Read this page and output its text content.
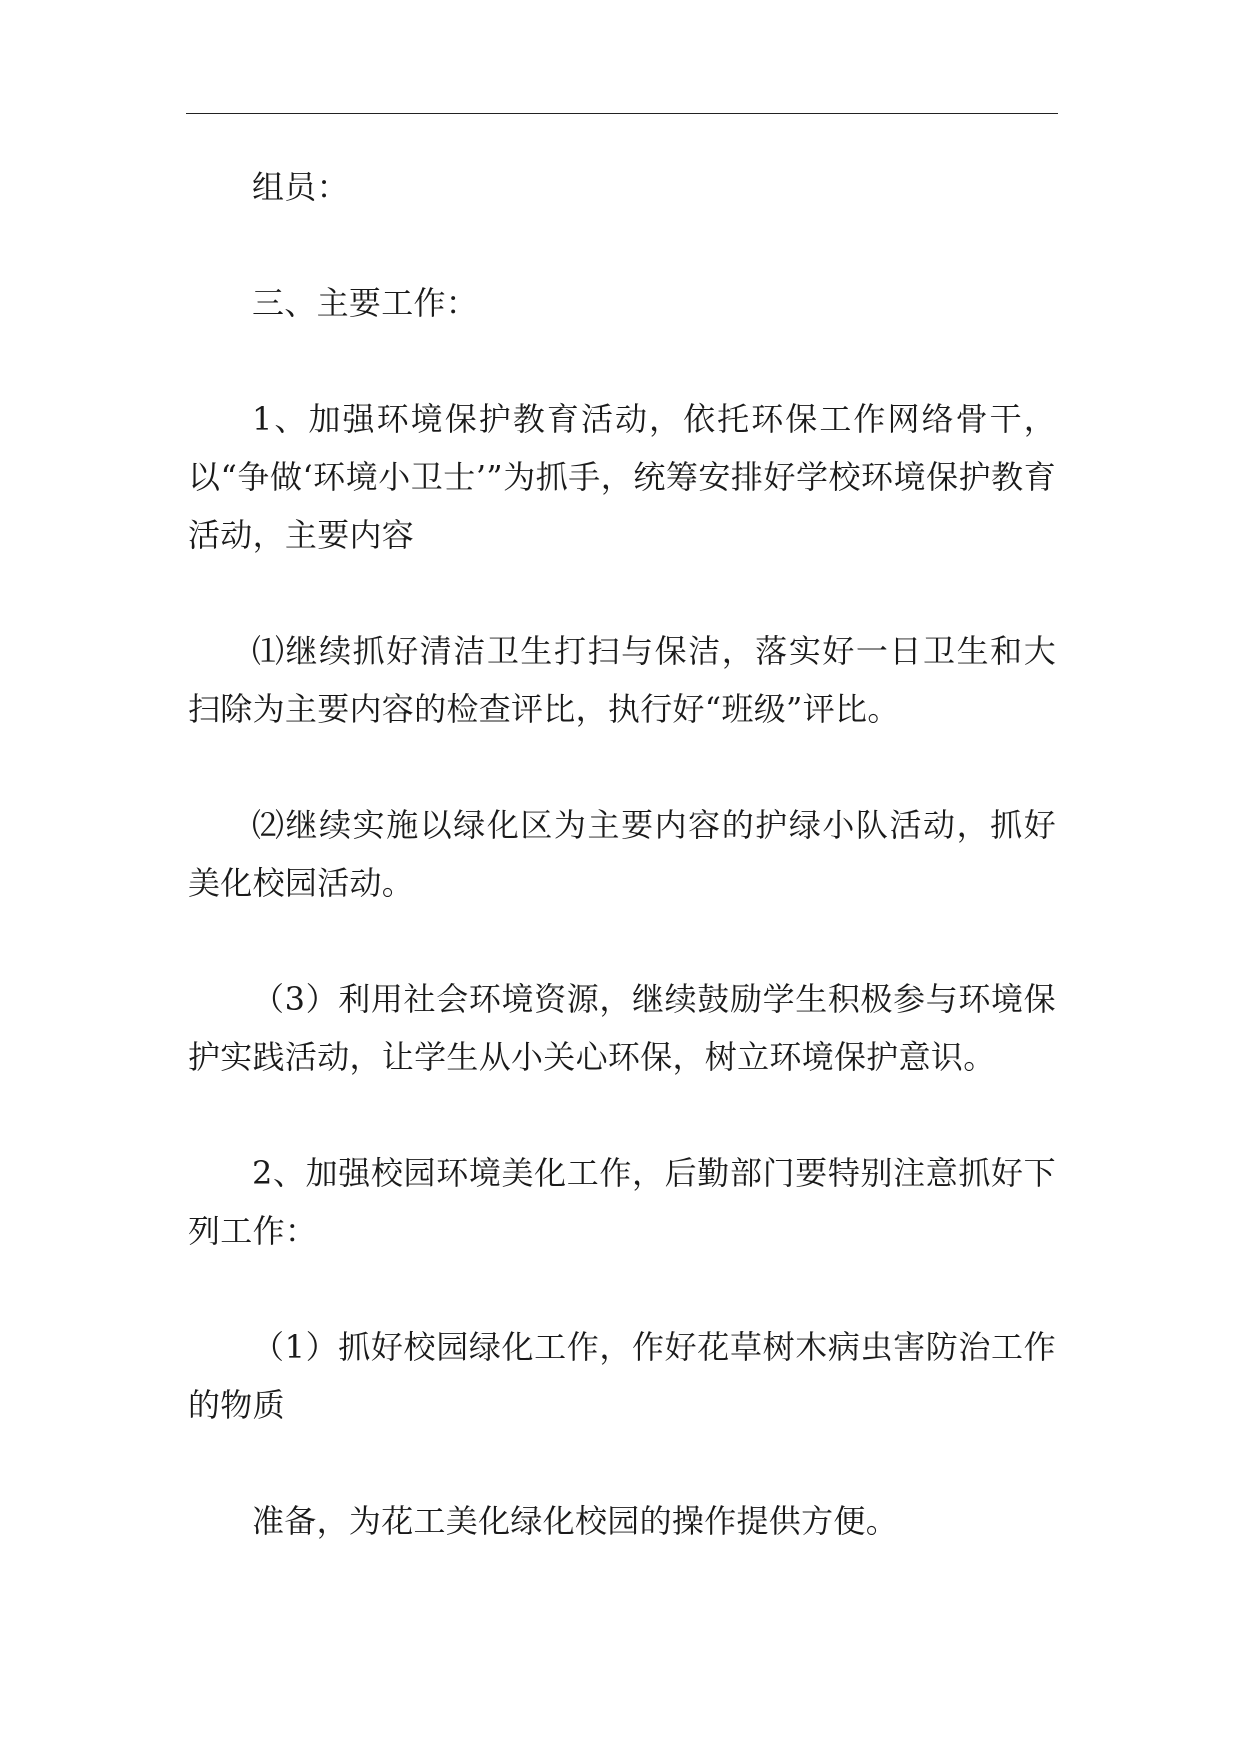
组员：

三、主要工作：

1、加强环境保护教育活动，依托环保工作网络骨干，以“争做‘环境小卫士’”为抓手，统筹安排好学校环境保护教育活动，主要内容

⑴继续抓好清洁卫生打扫与保洁，落实好一日卫生和大扫除为主要内容的检查评比，执行好“班级”评比。

⑵继续实施以绿化区为主要内容的护绿小队活动，抓好美化校园活动。

（3）利用社会环境资源，继续鼓励学生积极参与环境保护实践活动，让学生从小关心环保，树立环境保护意识。

2、加强校园环境美化工作，后勤部门要特别注意抓好下列工作：

（1）抓好校园绿化工作，作好花草树木病虫害防治工作的物质

准备，为花工美化绿化校园的操作提供方便。
